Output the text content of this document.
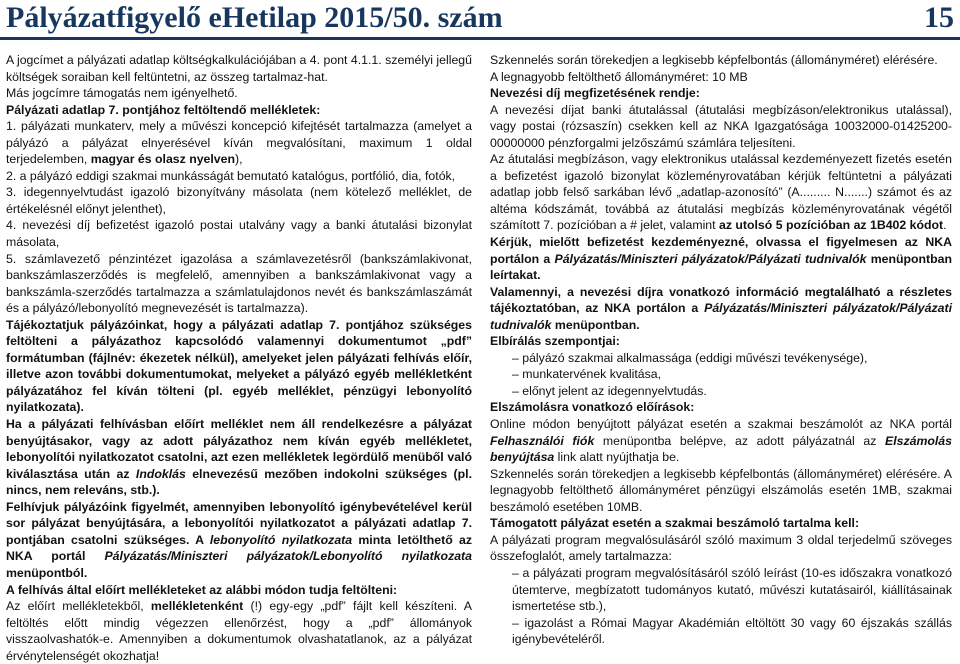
Pályázatfigyelő eHetilap 2015/50. szám	15

A jogcímet a pályázati adatlap költségkalkulációjában a 4. pont 4.1.1. személyi jellegű költségek soraiban kell feltüntetni, az összeg tartalmaz-hat.

Más jogcímre támogatás nem igényelhető.

Pályázati adatlap 7. pontjához feltöltendő mellékletek:

1. pályázati munkaterv, mely a művészi koncepció kifejtését tartalmazza (amelyet a pályázó a pályázat elnyerésével kíván megvalósítani, maximum 1 oldal terjedelemben, magyar és olasz nyelven),

2. a pályázó eddigi szakmai munkásságát bemutató katalógus, portfólió, dia, fotók,

3. idegennyelvtudást igazoló bizonyítvány másolata (nem kötelező melléklet, de értékelésnél előnyt jelenthet),

4. nevezési díj befizetést igazoló postai utalvány vagy a banki átutalási bizonylat másolata,

5. számlavezető pénzintézet igazolása a számlavezetésről (bankszámlakivonat, bankszámlaszerződés is megfelelő, amennyiben a bankszámlakivonat vagy a bankszámla-szerződés tartalmazza a számlatulajdonos nevét és bankszámlaszámát és a pályázó/lebonyolító megnevezését is tartalmazza).

Tájékoztatjuk pályázóinkat, hogy a pályázati adatlap 7. pontjához szükséges feltölteni a pályázathoz kapcsolódó valamennyi dokumentumot „pdf” formátumban (fájlnév: ékezetek nélkül), amelyeket jelen pályázati felhívás előír, illetve azon további dokumentumokat, melyeket a pályázó egyéb mellékletként pályázatához fel kíván tölteni (pl. egyéb melléklet, pénzügyi lebonyolító nyilatkozata).

Ha a pályázati felhívásban előírt melléklet nem áll rendelkezésre a pályázat benyújtásakor, vagy az adott pályázathoz nem kíván egyéb mellékletet, lebonyolítói nyilatkozatot csatolni, azt ezen mellékletek legördülő menüből való kiválasztása után az Indoklás elnevezésű mezőben indokolni szükséges (pl. nincs, nem releváns, stb.).

Felhívjuk pályázóink figyelmét, amennyiben lebonyolító igénybevételével kerül sor pályázat benyújtására, a lebonyolítói nyilatkozatot a pályázati adatlap 7. pontjában csatolni szükséges. A lebonyolító nyilatkozata minta letölthető az NKA portál Pályázatás/Miniszteri pályázatok/Lebonyolító nyilatkozata menüpontból.

A felhívás által előírt mellékleteket az alábbi módon tudja feltölteni:

Az előírt mellékletekből, mellékletenként (!) egy-egy „pdf” fájlt kell készíteni. A feltöltés előtt mindig végezzen ellenőrzést, hogy a „pdf” állományok visszaolvashatók-e. Amennyiben a dokumentumok olvashatatlanok, az a pályázat érvénytelenségét okozhatja!

Szkennelés során törekedjen a legkisebb képfelbontás (állományméret) elérésére.

A legnagyobb feltölthető állományméret: 10 MB

Nevezési díj megfizetésének rendje:

A nevezési díjat banki átutalással (átutalási megbízáson/elektronikus utalással), vagy postai (rózsaszín) csekken kell az NKA Igazgatósága 10032000-01425200-00000000 pénzforgalmi jelzőszámú számlára teljesíteni.

Az átutalási megbízáson, vagy elektronikus utalással kezdeményezett fizetés esetén a befizetést igazoló bizonylat közleményrovatában kérjük feltüntetni a pályázati adatlap jobb felső sarkában lévő „adatlap-azonosító” (A......... N.......) számot és az altéma kódszámát, továbbá az átutalási megbízás közleményrovatának végétől számított 7. pozícióban a # jelet, valamint az utolsó 5 pozícióban az 1B402 kódot.

Kérjük, mielőtt befizetést kezdeményezné, olvassa el figyelmesen az NKA portálon a Pályázatás/Miniszteri pályázatok/Pályázati tudnivalók menüpontban leírtakat.

Valamennyi, a nevezési díjra vonatkozó információ megtalálható a részletes tájékoztatóban, az NKA portálon a Pályázatás/Miniszteri pályázatok/Pályázati tudnivalók menüpontban.

Elbírálás szempontjai:

– pályázó szakmai alkalmassága (eddigi művészi tevékenysége),

– munkatervének kvalitása,

– előnyt jelent az idegennyelvtudás.

Elszámolásra vonatkozó előírások:

Online módon benyújtott pályázat esetén a szakmai beszámolót az NKA portál Felhasználói fiók menüpontba belépve, az adott pályázatnál az Elszámolás benyújtása link alatt nyújthatja be.

Szkennelés során törekedjen a legkisebb képfelbontás (állományméret) elérésére. A legnagyobb feltölthető állományméret pénzügyi elszámolás esetén 1MB, szakmai beszámoló esetében 10MB.

Támogatott pályázat esetén a szakmai beszámoló tartalma kell:

A pályázati program megvalósulásáról szóló maximum 3 oldal terjedelmű szöveges összefoglalót, amely tartalmazza:

– a pályázati program megvalósításáról szóló leírást (10-es időszakra vonatkozó útemterve, megbízatott tudományos kutató, művészi kutatásairól, kiállításainak ismertetése stb.),

– igazolást a Római Magyar Akadémián eltöltött 30 vagy 60 éjszakás szállás igénybevételéről.
